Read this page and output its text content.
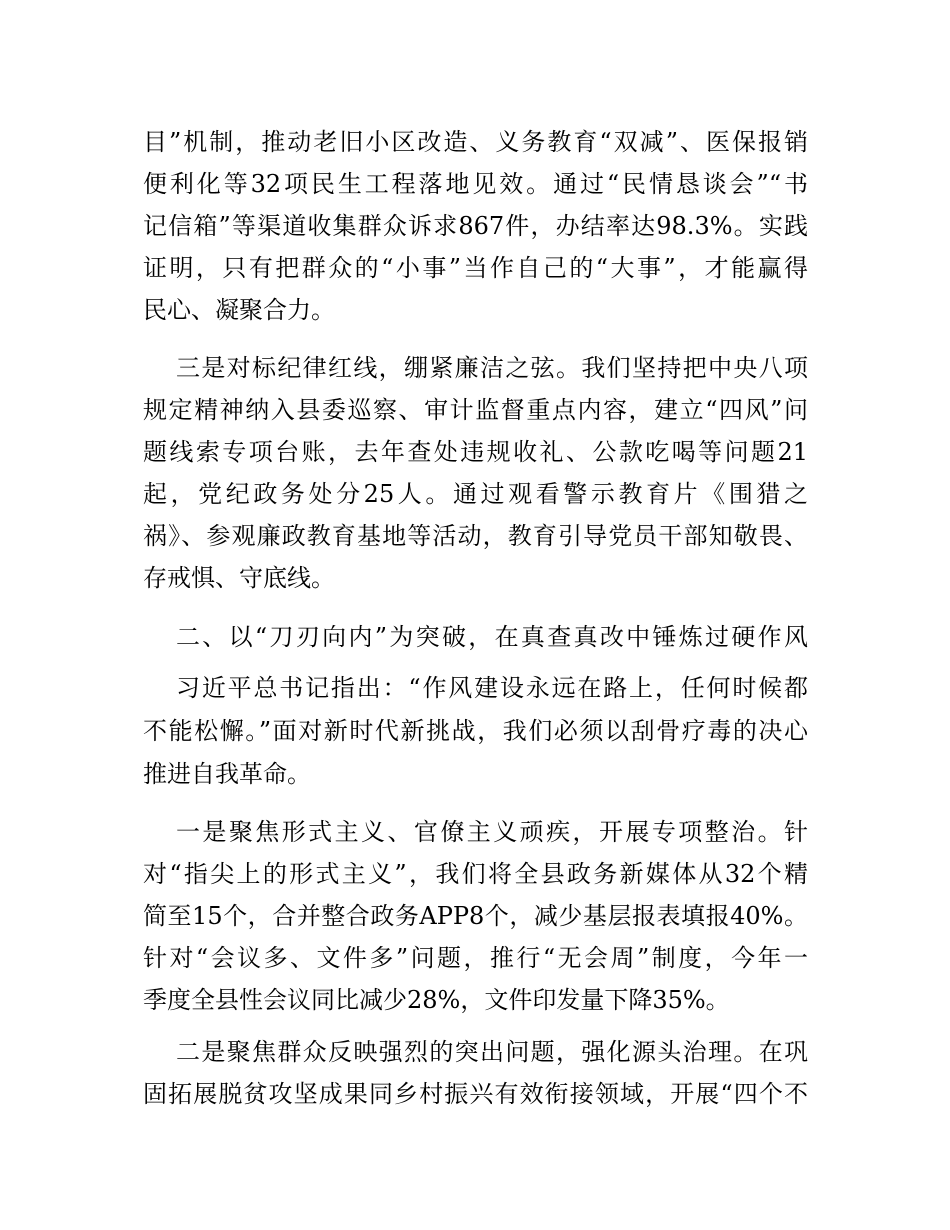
目”机制，推动老旧小区改造、义务教育“双减”、医保报销
便利化等32项民生工程落地见效。通过“民情恳谈会”“书
记信箱”等渠道收集群众诉求867件，办结率达98.3%。实践
证明，只有把群众的“小事”当作自己的“大事”，才能赢得
民心、凝聚合力。
三是对标纪律红线，绷紧廉洁之弦。我们坚持把中央八项
规定精神纳入县委巡察、审计监督重点内容，建立“四风”问
题线索专项台账，去年查处违规收礼、公款吃喝等问题21
起，党纪政务处分25人。通过观看警示教育片《围猎之
祸》、参观廉政教育基地等活动，教育引导党员干部知敬畏、
存戒惧、守底线。
二、以“刀刃向内”为突破，在真查真改中锤炼过硬作风
习近平总书记指出：“作风建设永远在路上，任何时候都
不能松懈。”面对新时代新挑战，我们必须以刮骨疗毒的决心
推进自我革命。
一是聚焦形式主义、官僚主义顽疾，开展专项整治。针
对“指尖上的形式主义”，我们将全县政务新媒体从32个精
简至15个，合并整合政务APP8个，减少基层报表填报40%。
针对“会议多、文件多”问题，推行“无会周”制度，今年一
季度全县性会议同比减少28%，文件印发量下降35%。
二是聚焦群众反映强烈的突出问题，强化源头治理。在巩
固拓展脱贫攻坚成果同乡村振兴有效衔接领域，开展“四个不
